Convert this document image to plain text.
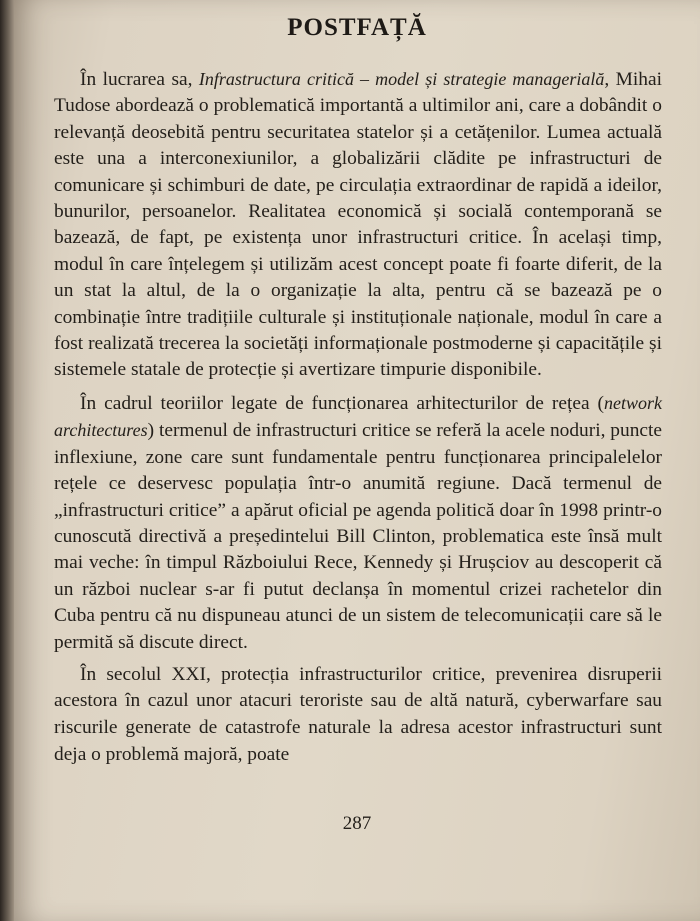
POSTFAȚĂ

În lucrarea sa, Infrastructura critică – model și strategie managerială, Mihai Tudose abordează o problematică importantă a ultimilor ani, care a dobândit o relevanță deosebită pentru securitatea statelor și a cetățenilor. Lumea actuală este una a interconexiunilor, a globalizării clădite pe infrastructuri de comunicare și schimburi de date, pe circulația extraordinar de rapidă a ideilor, bunurilor, persoanelor. Realitatea economică și socială contemporană se bazează, de fapt, pe existența unor infrastructuri critice. În același timp, modul în care înțelegem și utilizăm acest concept poate fi foarte diferit, de la un stat la altul, de la o organizație la alta, pentru că se bazează pe o combinație între tradițiile culturale și instituționale naționale, modul în care a fost realizată trecerea la societăți informaționale postmoderne și capacitățile și sistemele statale de protecție și avertizare timpurie disponibile.

În cadrul teoriilor legate de funcționarea arhitecturilor de rețea (network architectures) termenul de infrastructuri critice se referă la acele noduri, puncte inflexiune, zone care sunt fundamentale pentru funcționarea principalelelor rețele ce deservesc populația într-o anumită regiune. Dacă termenul de „infrastructuri critice” a apărut oficial pe agenda politică doar în 1998 printr-o cunoscută directivă a președintelui Bill Clinton, problematica este însă mult mai veche: în timpul Războiului Rece, Kennedy și Hrușciov au descoperit că un război nuclear s-ar fi putut declanșa în momentul crizei rachetelor din Cuba pentru că nu dispuneau atunci de un sistem de telecomunicații care să le permită să discute direct.

În secolul XXI, protecția infrastructurilor critice, prevenirea disruperii acestora în cazul unor atacuri teroriste sau de altă natură, cyberwarfare sau riscurile generate de catastrofe naturale la adresa acestor infrastructuri sunt deja o problemă majoră, poate

287
